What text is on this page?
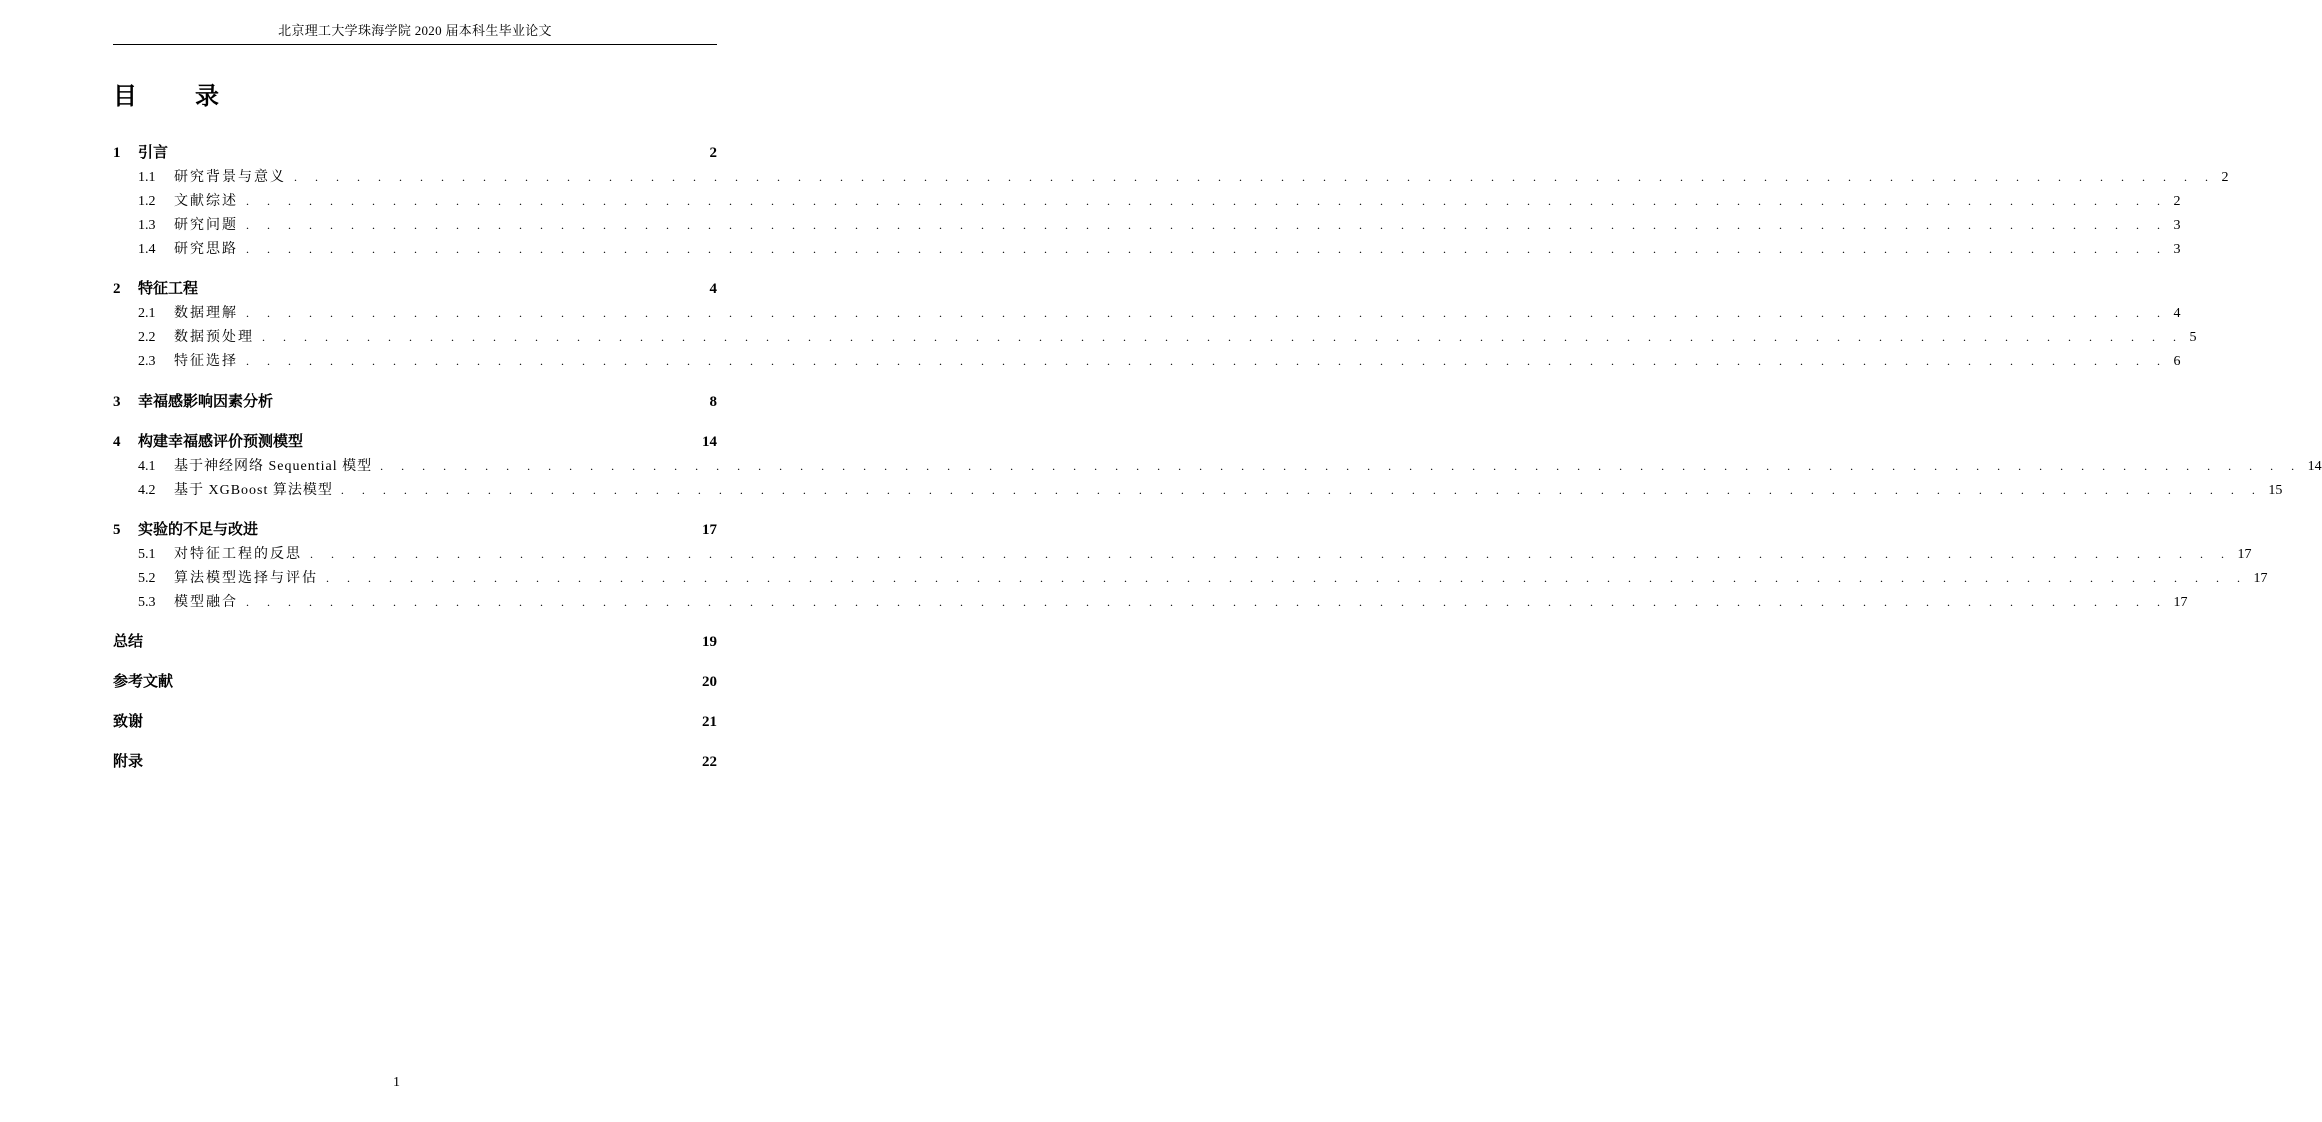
北京理工大学珠海学院 2020 届本科生毕业论文
目 录
1	引言	2
1.1	研究背景与意义 . . . . . . . . . . . . . . . . . . . . . . . . . . . . . . . . . . . . . . . . . . . . . . . . . . . . . . . . . . . . . . . . . . . . . . . . . . . . . . . . . . . . . . . . . . . . 2
1.2	文献综述 . . . . . . . . . . . . . . . . . . . . . . . . . . . . . . . . . . . . . . . . . . . . . . . . . . . . . . . . . . . . . . . . . . . . . . . . . . . . . . . . . . . . . . . . . . . . 2
1.3	研究问题 . . . . . . . . . . . . . . . . . . . . . . . . . . . . . . . . . . . . . . . . . . . . . . . . . . . . . . . . . . . . . . . . . . . . . . . . . . . . . . . . . . . . . . . . . . . . 3
1.4	研究思路 . . . . . . . . . . . . . . . . . . . . . . . . . . . . . . . . . . . . . . . . . . . . . . . . . . . . . . . . . . . . . . . . . . . . . . . . . . . . . . . . . . . . . . . . . . . . 3
2	特征工程	4
2.1	数据理解 . . . . . . . . . . . . . . . . . . . . . . . . . . . . . . . . . . . . . . . . . . . . . . . . . . . . . . . . . . . . . . . . . . . . . . . . . . . . . . . . . . . . . . . . . . . . 4
2.2	数据预处理 . . . . . . . . . . . . . . . . . . . . . . . . . . . . . . . . . . . . . . . . . . . . . . . . . . . . . . . . . . . . . . . . . . . . . . . . . . . . . . . . . . . . . . . . . . . . 5
2.3	特征选择 . . . . . . . . . . . . . . . . . . . . . . . . . . . . . . . . . . . . . . . . . . . . . . . . . . . . . . . . . . . . . . . . . . . . . . . . . . . . . . . . . . . . . . . . . . . . 6
3	幸福感影响因素分析	8
4	构建幸福感评价预测模型	14
4.1	基于神经网络 Sequential 模型 . . . . . . . . . . . . . . . . . . . . . . . . . . . . . . . . . . . . . . . . . . . . . . . . . . . . . . . . . . . . . . . . . . . . . . . . . . . . . . . . . . . . . . . . . . . . 14
4.2	基于 XGBoost 算法模型 . . . . . . . . . . . . . . . . . . . . . . . . . . . . . . . . . . . . . . . . . . . . . . . . . . . . . . . . . . . . . . . . . . . . . . . . . . . . . . . . . . . . . . . . . . . . 15
5	实验的不足与改进	17
5.1	对特征工程的反思 . . . . . . . . . . . . . . . . . . . . . . . . . . . . . . . . . . . . . . . . . . . . . . . . . . . . . . . . . . . . . . . . . . . . . . . . . . . . . . . . . . . . . . . . . . . . 17
5.2	算法模型选择与评估 . . . . . . . . . . . . . . . . . . . . . . . . . . . . . . . . . . . . . . . . . . . . . . . . . . . . . . . . . . . . . . . . . . . . . . . . . . . . . . . . . . . . . . . . . . . . 17
5.3	模型融合 . . . . . . . . . . . . . . . . . . . . . . . . . . . . . . . . . . . . . . . . . . . . . . . . . . . . . . . . . . . . . . . . . . . . . . . . . . . . . . . . . . . . . . . . . . . . 17
总结	19
参考文献	20
致谢	21
附录	22
1
